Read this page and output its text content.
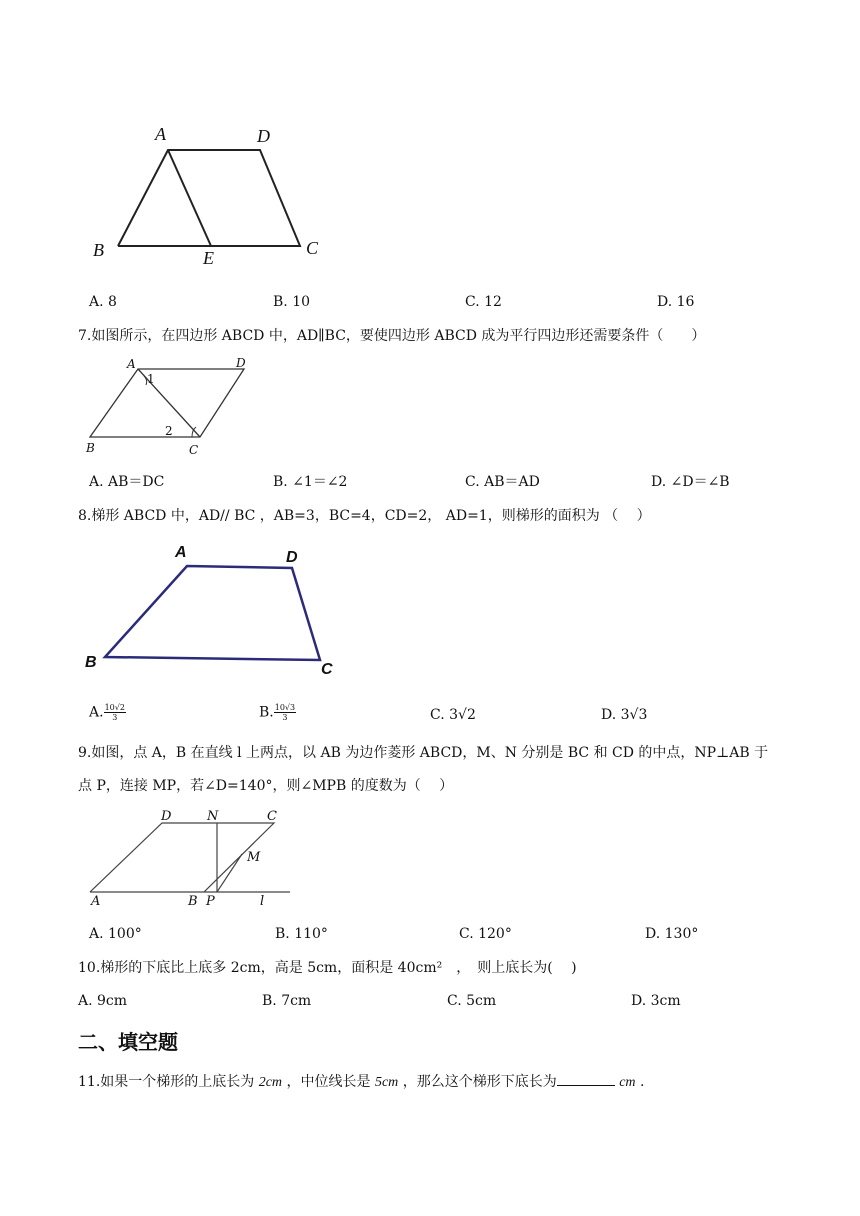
A	D
B	E	C
A. 8	B. 10	C. 12	D. 16
7.如图所示，在四边形 ABCD 中，AD∥BC，要使四边形 ABCD 成为平行四边形还需要条件（　　）
A
1
D
2
B	C
A. AB＝DC	B. ∠1＝∠2	C. AB＝AD	D. ∠D＝∠B
8.梯形 ABCD 中，AD// BC ，AB=3，BC=4，CD=2， AD=1，则梯形的面积为 （　 ）
A	D
B	C
A. $\frac{10√2}{3}$	B. $\frac{10√3}{3}$	C. 3√2	D. 3√3
9.如图，点 A，B 在直线 l 上两点，以 AB 为边作菱形 ABCD，M、N 分别是 BC 和 CD 的中点，NP⊥AB 于
点 P，连接 MP，若∠D=140°，则∠MPB 的度数为（　 ）
D	N	C
M
A	B P	l
A. 100°	B. 110°	C. 120°	D. 130°
10.梯形的下底比上底多 2cm，高是 5cm，面积是 40cm²　，　则上底长为(　 )
A. 9cm	B. 7cm	C. 5cm	D. 3cm
二、填空题
11.如果一个梯形的上底长为 2cm ，中位线长是 5cm ，那么这个梯形下底长为	cm .
